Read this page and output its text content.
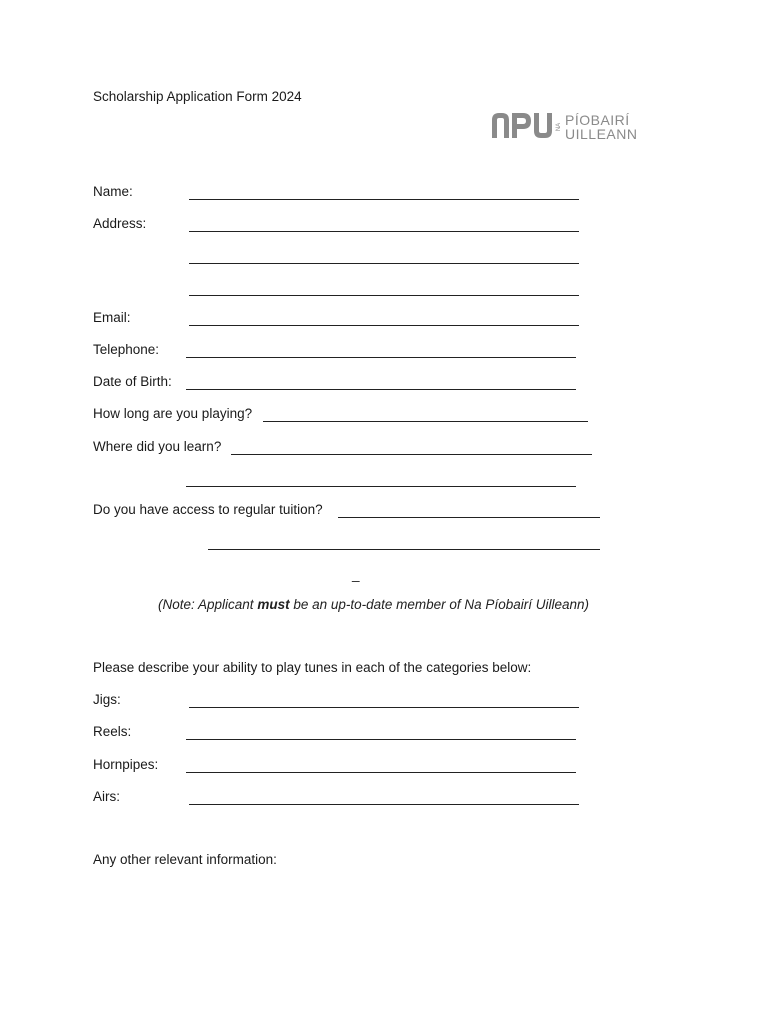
Scholarship Application Form 2024
NA PÍOBAIRÍ
UILLEANN
Name:
Address:
Email:
Telephone:
Date of Birth:
How long are you playing?
Where did you learn?
Do you have access to regular tuition?
_
(Note: Applicant must be an up-to-date member of Na Píobairí Uilleann)
Please describe your ability to play tunes in each of the categories below:
Jigs:
Reels:
Hornpipes:
Airs:
Any other relevant information:
